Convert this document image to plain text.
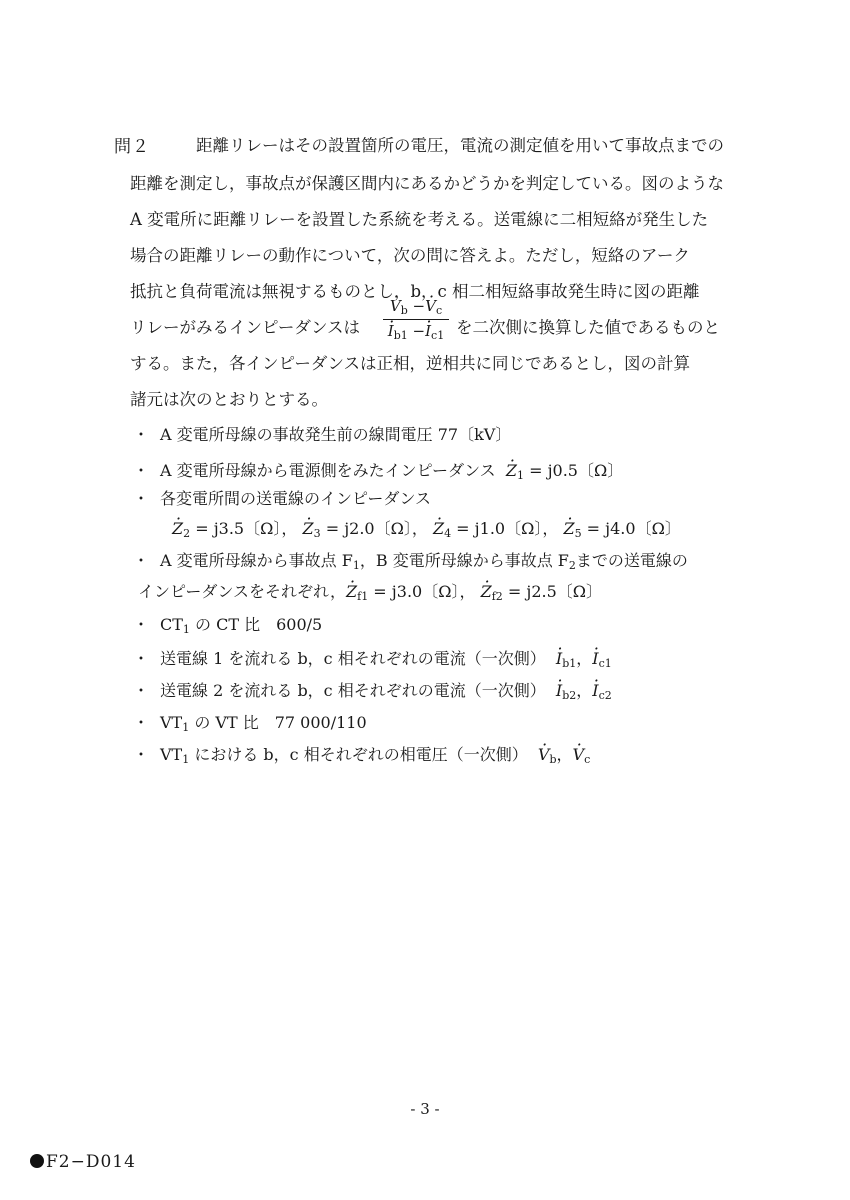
問２	距離リレーはその設置箇所の電圧，電流の測定値を用いて事故点までの
距離を測定し，事故点が保護区間内にあるかどうかを判定している。図のような
A 変電所に距離リレーを設置した系統を考える。送電線に二相短絡が発生した
場合の距離リレーの動作について，次の問に答えよ。ただし，短絡のアーク
抵抗と負荷電流は無視するものとし，b，c 相二相短絡事故発生時に図の距離
リレーがみるインピーダンスは	· $V_b -\cdot V_c$
· $I_{b1} -\cdot I_{c1}$ を二次側に換算した値であるものと
する。また，各インピーダンスは正相，逆相共に同じであるとし，図の計算
諸元は次のとおりとする。
・ A 変電所母線の事故発生前の線間電圧 77〔kV〕
・ A 変電所母線から電源側をみたインピーダンス · $Z_1 = j0.5$〔Ω〕
・ 各変電所間の送電線のインピーダンス
· $Z_2 = j3.5$〔Ω〕， · $Z_3 = j2.0$〔Ω〕， · $Z_4 = j1.0$〔Ω〕， · $Z_5 = j4.0$〔Ω〕
・ A 変電所母線から事故点 $F_1$，B 変電所母線から事故点 $F_2$までの送電線の
インピーダンスをそれぞれ，· $Z_{f1} = j3.0$〔Ω〕， · $Z_{f2} = j2.5$〔Ω〕
・ $CT_1$ の CT 比　600/5
・ 送電線 1 を流れる b，c 相それぞれの電流（一次側） · $I_{b1}$，· $I_{c1}$
・ 送電線 2 を流れる b，c 相それぞれの電流（一次側） · $I_{b2}$，· $I_{c2}$
・ $VT_1$ の VT 比　77 000/110
・ $VT_1$ における b，c 相それぞれの相電圧（一次側） · $V_b$，· $V_c$
- 3 -
F2−D014
